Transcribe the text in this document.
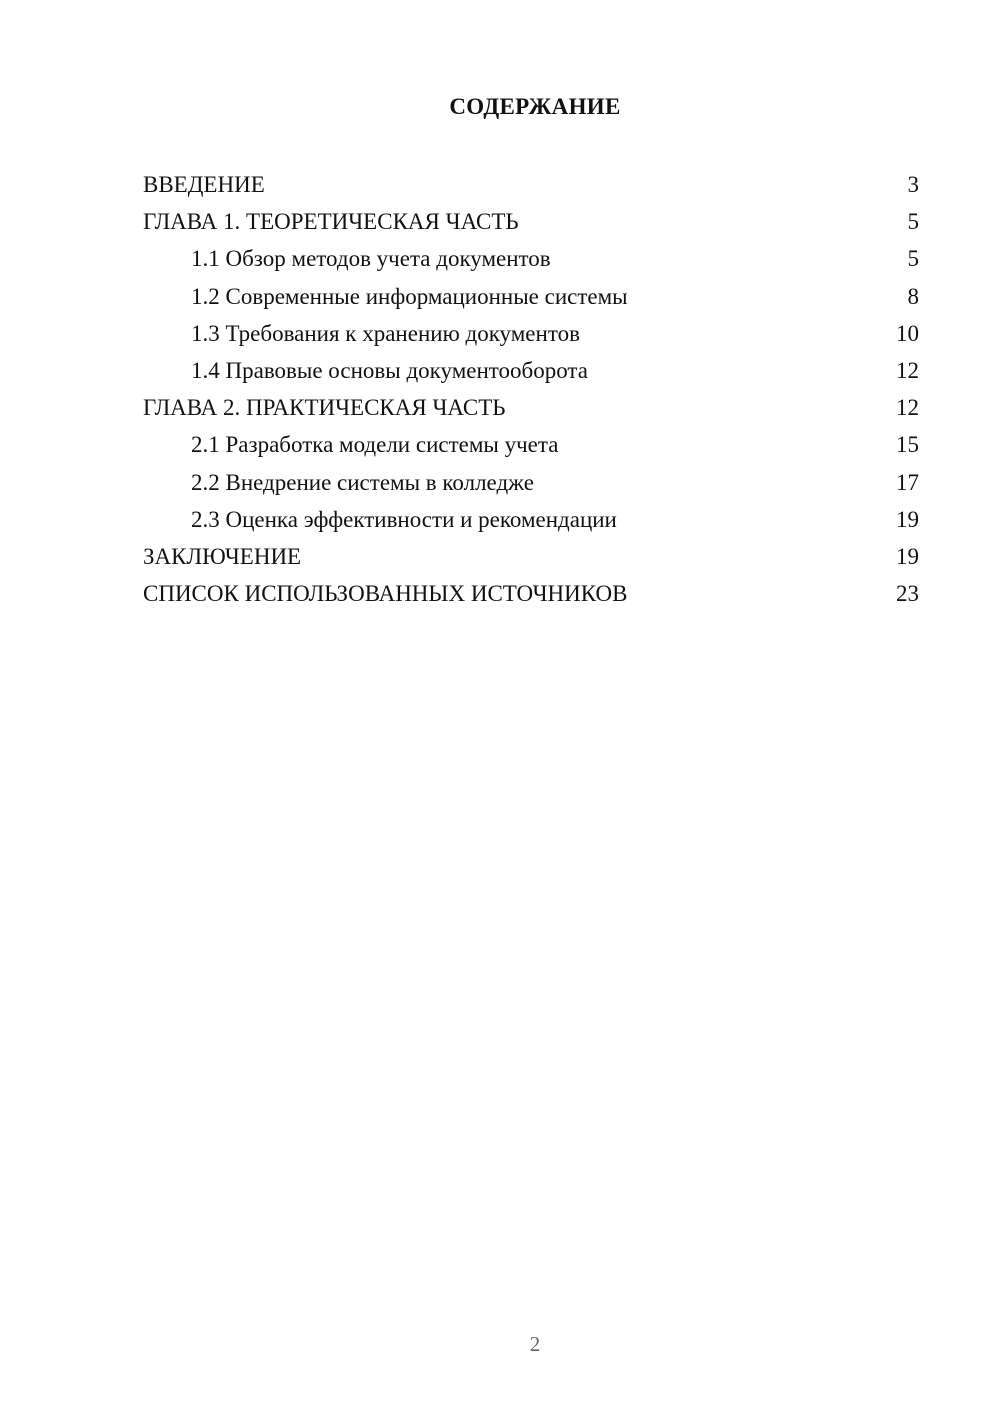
СОДЕРЖАНИЕ
ВВЕДЕНИЕ	3
ГЛАВА 1. ТЕОРЕТИЧЕСКАЯ ЧАСТЬ	5
1.1 Обзор методов учета документов	5
1.2 Современные информационные системы	8
1.3 Требования к хранению документов	10
1.4 Правовые основы документооборота	12
ГЛАВА 2. ПРАКТИЧЕСКАЯ ЧАСТЬ	12
2.1 Разработка модели системы учета	15
2.2 Внедрение системы в колледже	17
2.3 Оценка эффективности и рекомендации	19
ЗАКЛЮЧЕНИЕ	19
СПИСОК ИСПОЛЬЗОВАННЫХ ИСТОЧНИКОВ	23
2
